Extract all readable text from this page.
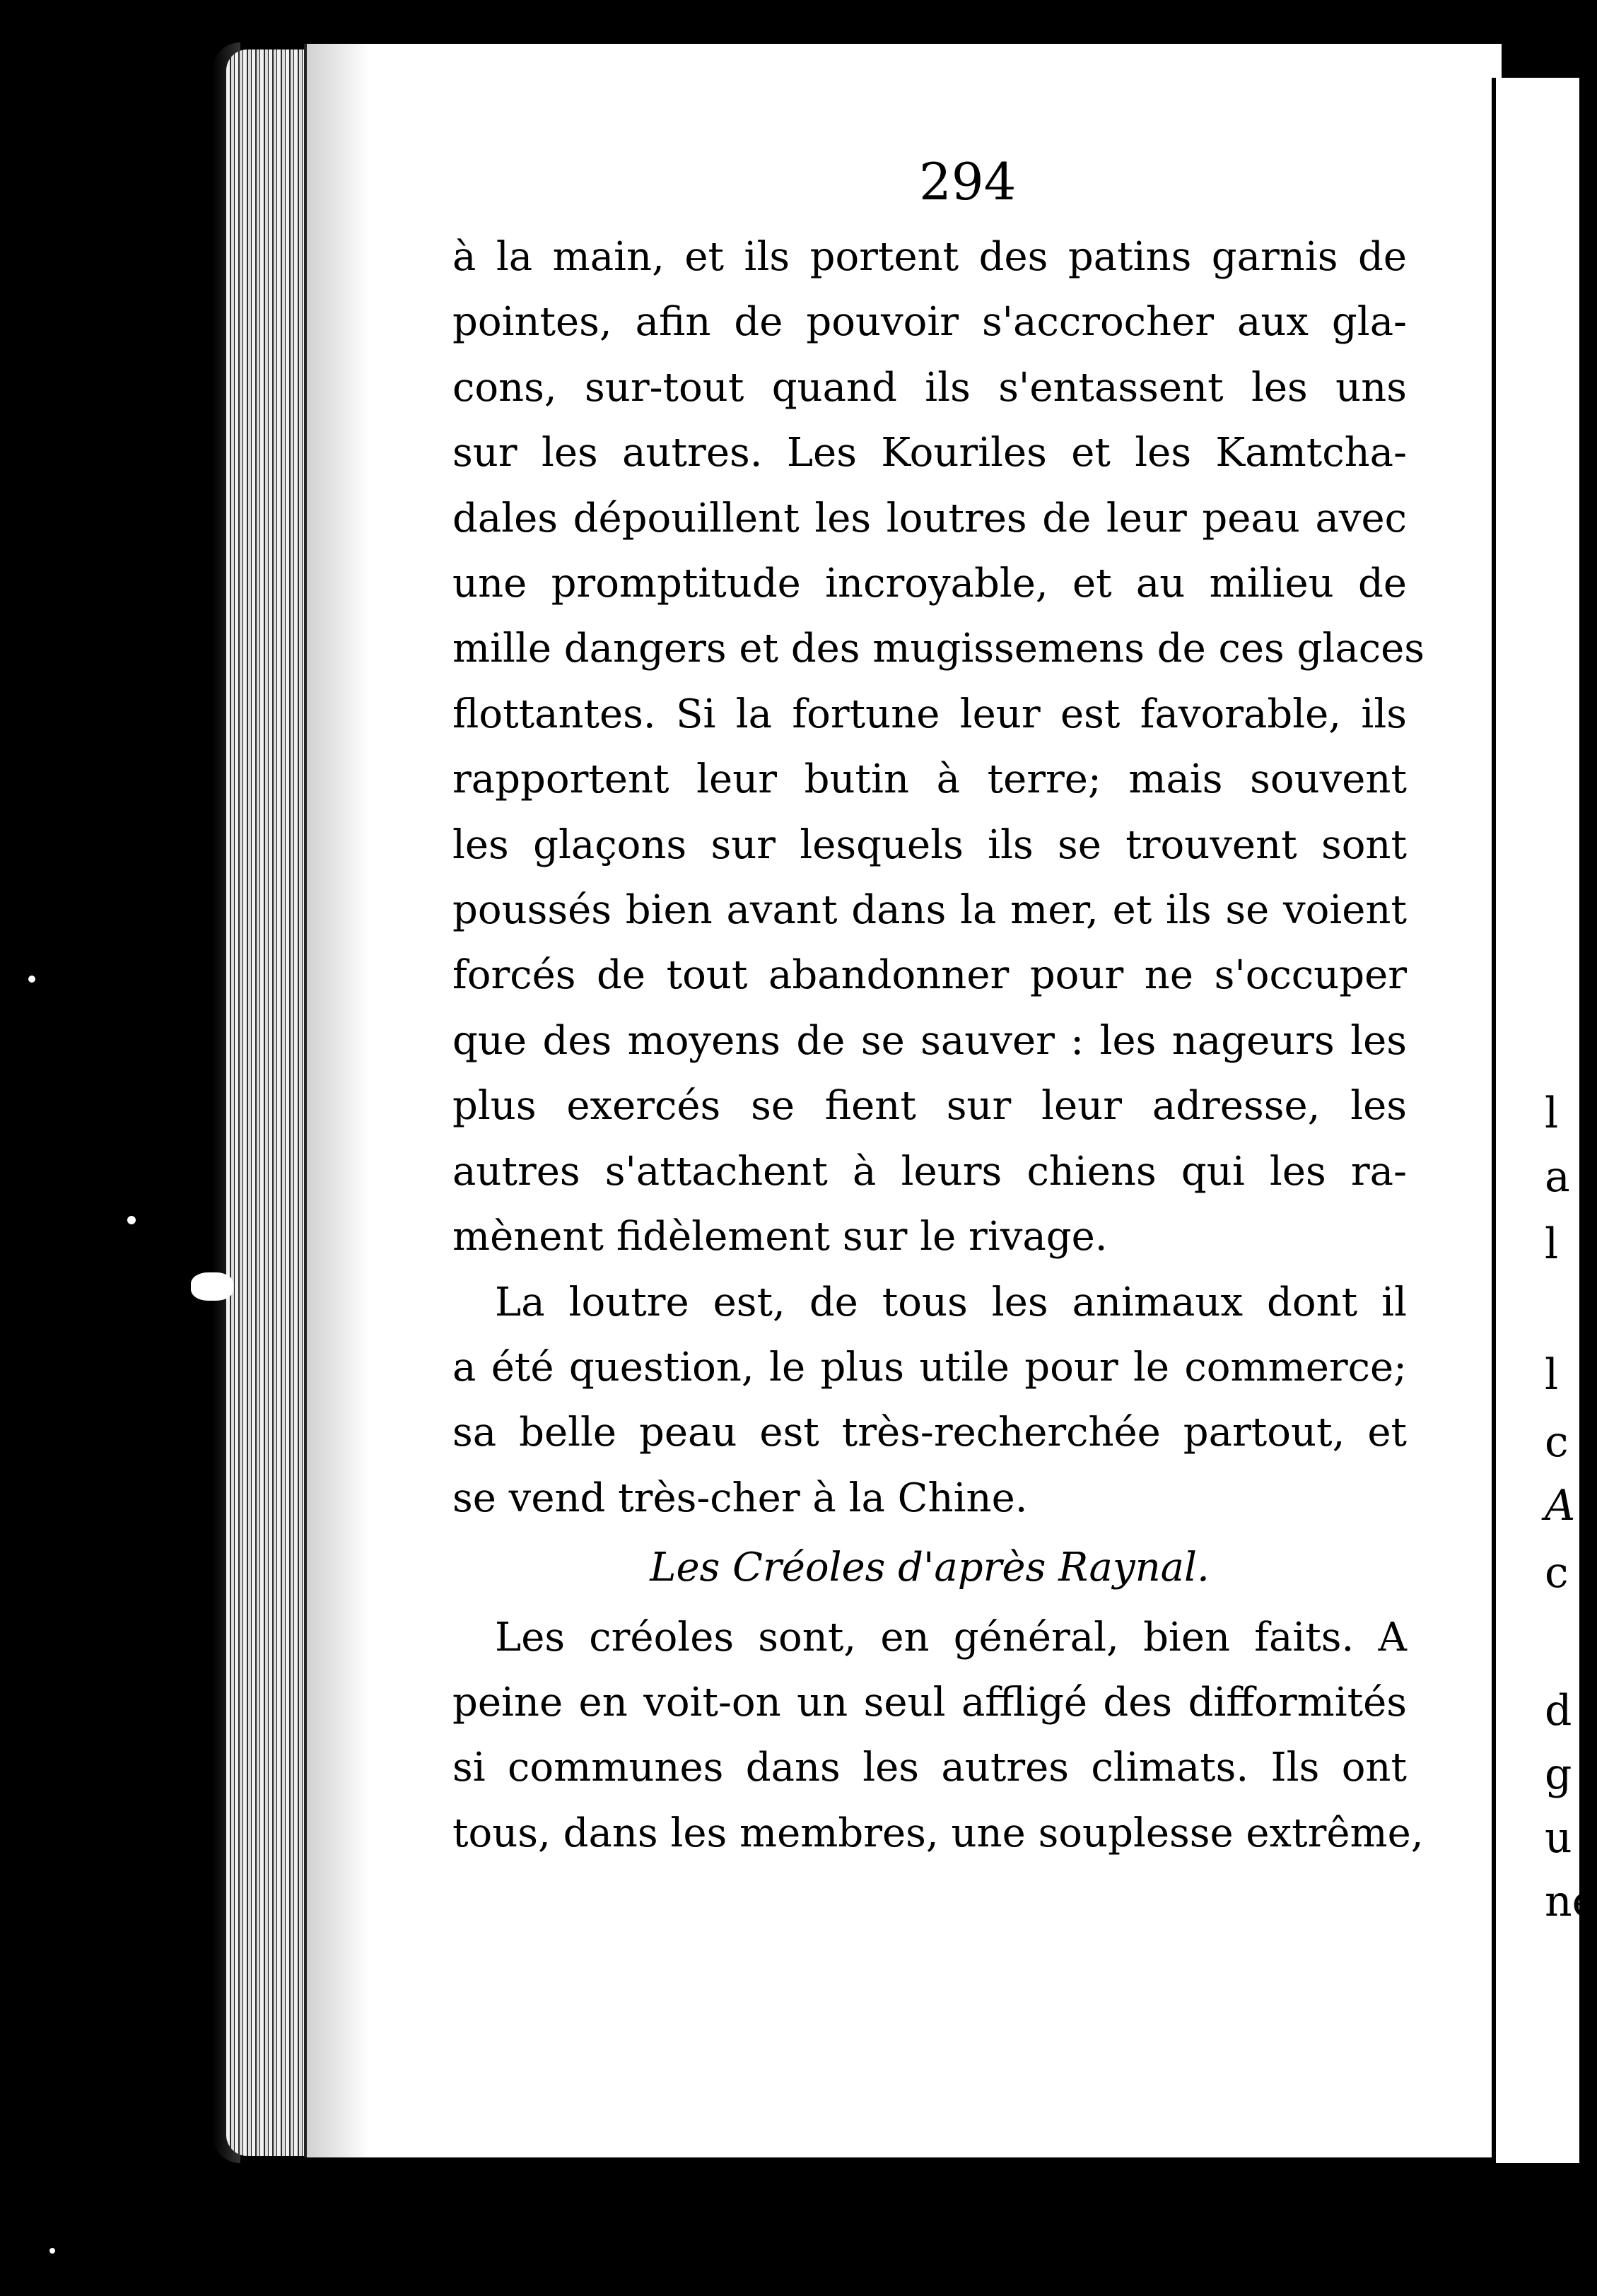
l
a
l
l
c
A
c
d
g
u
ne
294
à la main, et ils portent des patins garnis de
pointes, afin de pouvoir s'accrocher aux gla-
cons, sur-tout quand ils s'entassent les uns
sur les autres. Les Kouriles et les Kamtcha-
dales dépouillent les loutres de leur peau avec
une promptitude incroyable, et au milieu de
mille dangers et des mugissemens de ces glaces
flottantes. Si la fortune leur est favorable, ils
rapportent leur butin à terre; mais souvent
les glaçons sur lesquels ils se trouvent sont
poussés bien avant dans la mer, et ils se voient
forcés de tout abandonner pour ne s'occuper
que des moyens de se sauver : les nageurs les
plus exercés se fient sur leur adresse, les
autres s'attachent à leurs chiens qui les ra-
mènent fidèlement sur le rivage.
La loutre est, de tous les animaux dont il
a été question, le plus utile pour le commerce;
sa belle peau est très-recherchée partout, et
se vend très-cher à la Chine.
Les Créoles d'après Raynal.
Les créoles sont, en général, bien faits. A
peine en voit-on un seul affligé des difformités
si communes dans les autres climats. Ils ont
tous, dans les membres, une souplesse extrême,
